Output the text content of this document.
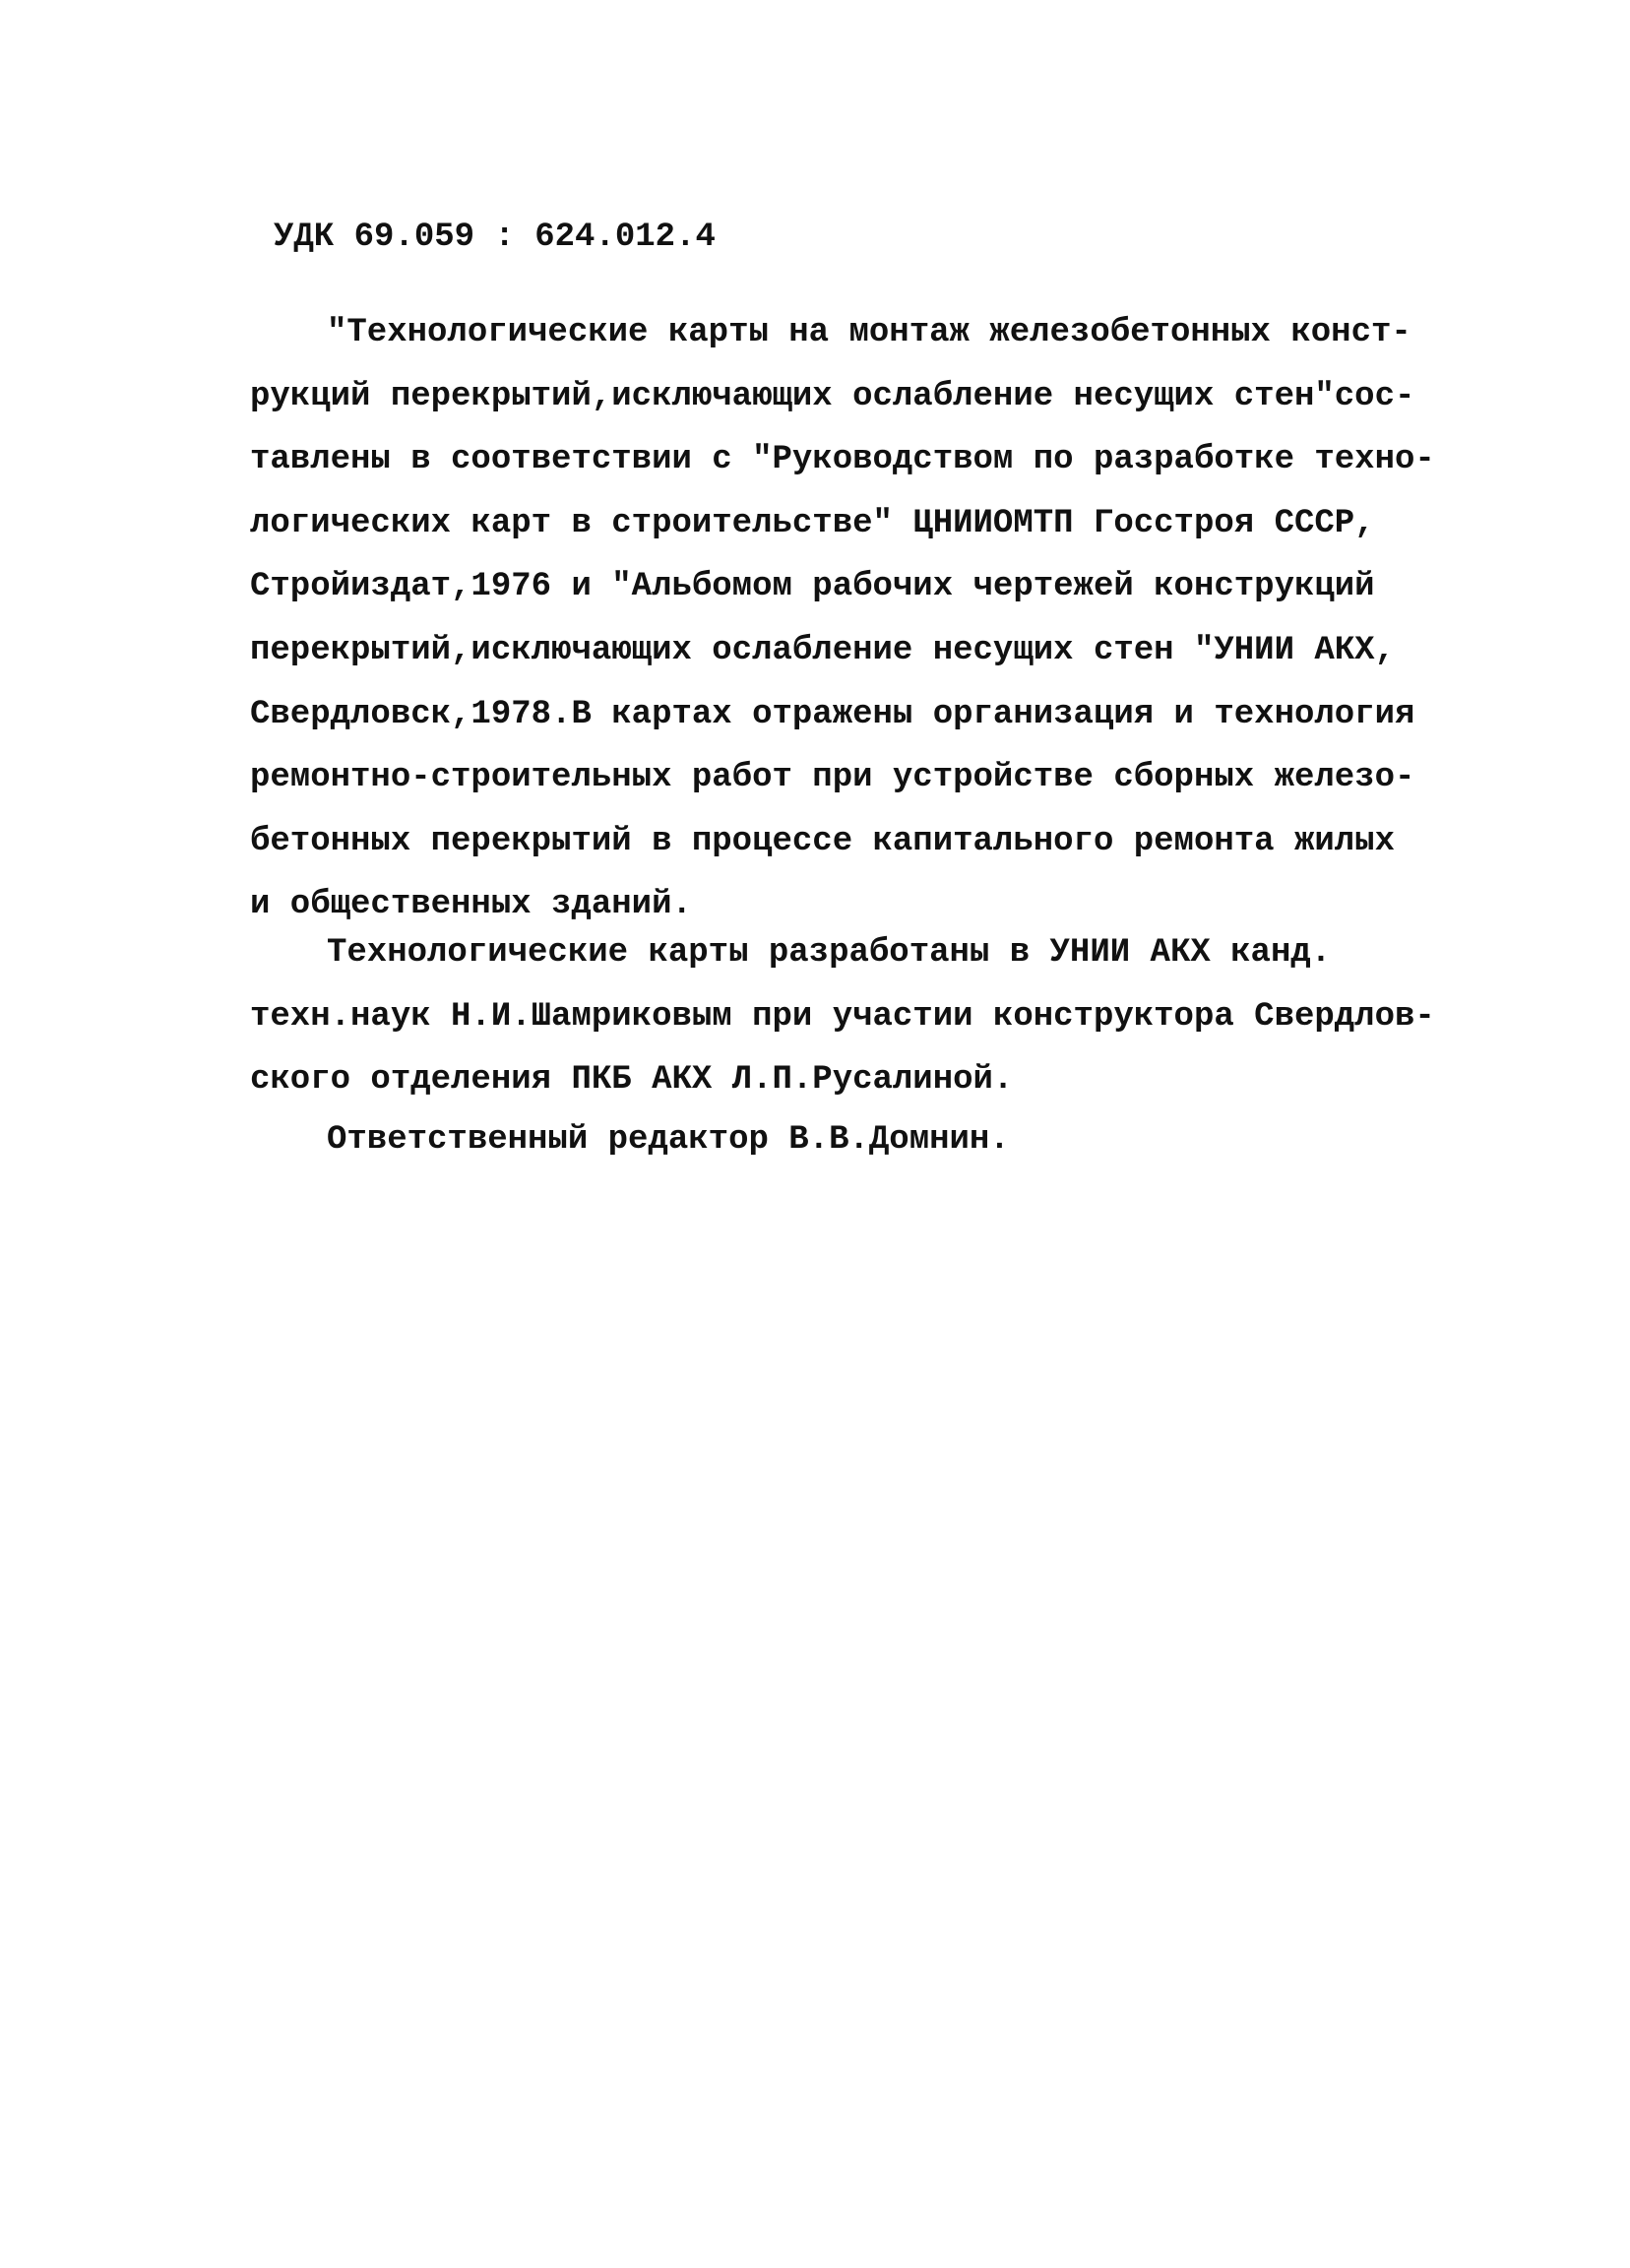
УДК 69.059 : 624.012.4
"Технологические карты на монтаж железобетонных конст-
рукций перекрытий,исключающих ослабление несущих стен"сос-
тавлены в соответствии с "Руководством по разработке техно-
логических карт в строительстве" ЦНИИОМТП Госстроя СССР,
Стройиздат,1976 и "Альбомом рабочих чертежей конструкций
перекрытий,исключающих ослабление несущих стен "УНИИ АКХ,
Свердловск,1978.В картах отражены организация и технология
ремонтно-строительных работ при устройстве сборных железо-
бетонных перекрытий в процессе капитального ремонта жилых
и общественных зданий.
Технологические карты разработаны в УНИИ АКХ канд.
техн.наук Н.И.Шамриковым при участии конструктора Свердлов-
ского отделения ПКБ АКХ Л.П.Русалиной.
Ответственный редактор В.В.Домнин.
